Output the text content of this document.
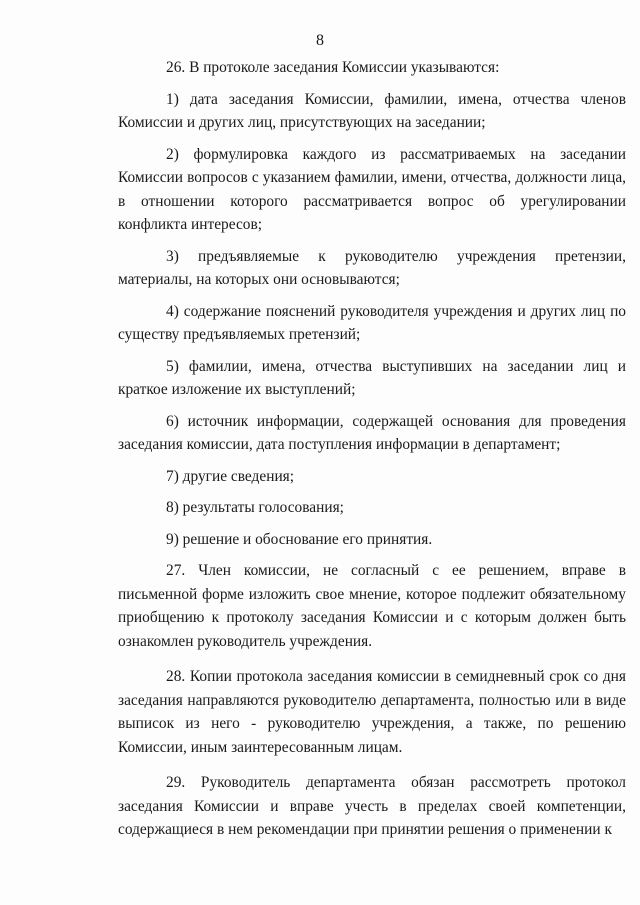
8

26. В протоколе заседания Комиссии указываются:

1) дата заседания Комиссии, фамилии, имена, отчества членов Комиссии и других лиц, присутствующих на заседании;

2) формулировка каждого из рассматриваемых на заседании Комиссии вопросов с указанием фамилии, имени, отчества, должности лица, в отношении которого рассматривается вопрос об урегулировании конфликта интересов;

3) предъявляемые к руководителю учреждения претензии, материалы, на которых они основываются;

4) содержание пояснений руководителя учреждения и других лиц по существу предъявляемых претензий;

5) фамилии, имена, отчества выступивших на заседании лиц и краткое изложение их выступлений;

6) источник информации, содержащей основания для проведения заседания комиссии, дата поступления информации в департамент;

7) другие сведения;

8) результаты голосования;

9) решение и обоснование его принятия.

27. Член комиссии, не согласный с ее решением, вправе в письменной форме изложить свое мнение, которое подлежит обязательному приобщению к протоколу заседания Комиссии и с которым должен быть ознакомлен руководитель учреждения.

28. Копии протокола заседания комиссии в семидневный срок со дня заседания направляются руководителю департамента, полностью или в виде выписок из него - руководителю учреждения, а также, по решению Комиссии, иным заинтересованным лицам.

29. Руководитель департамента обязан рассмотреть протокол заседания Комиссии и вправе учесть в пределах своей компетенции, содержащиеся в нем рекомендации при принятии решения о применении к
